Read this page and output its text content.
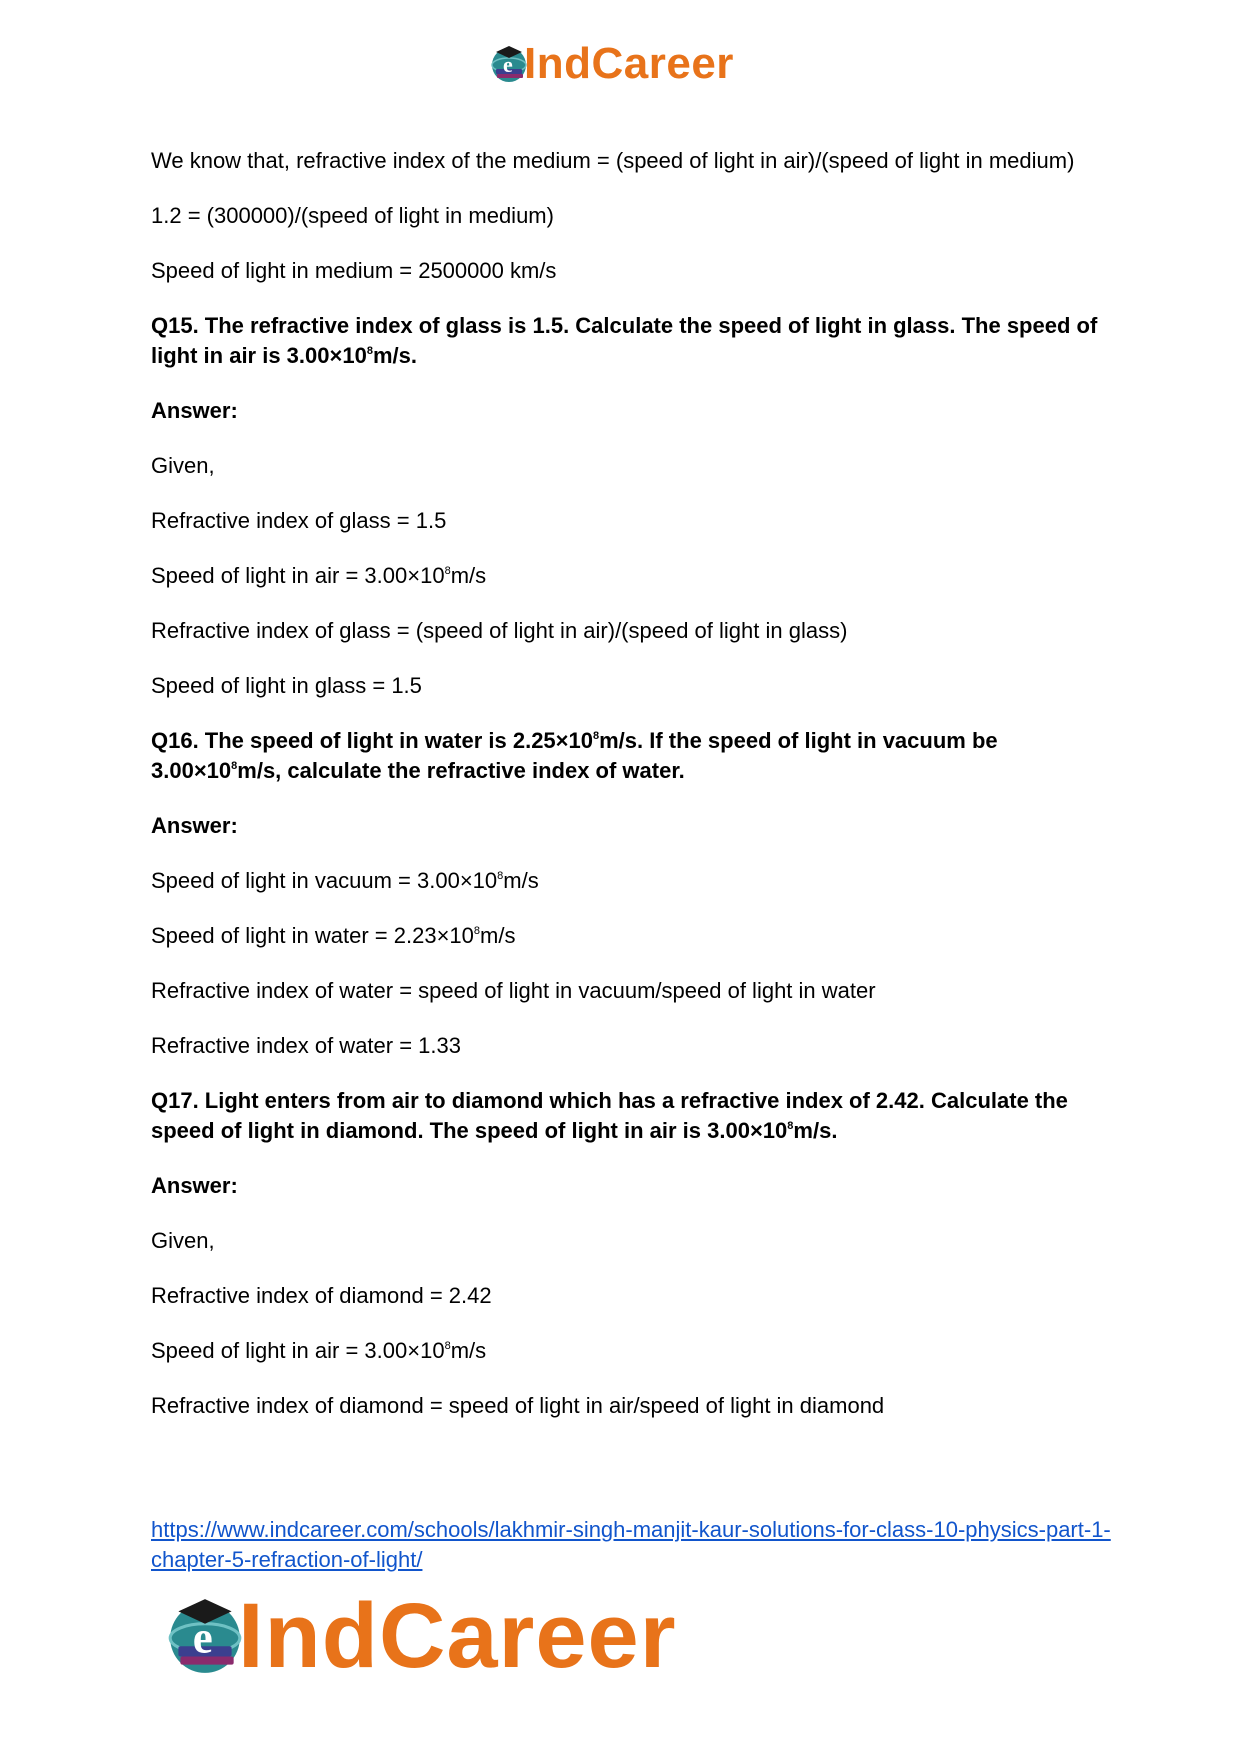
e IndCareer

We know that, refractive index of the medium = (speed of light in air)/(speed of light in medium)

1.2 = (300000)/(speed of light in medium)

Speed of light in medium = 2500000 km/s

Q15. The refractive index of glass is 1.5. Calculate the speed of light in glass. The speed of light in air is $3.00\times 10^8m/s$.

Answer:

Given,

Refractive index of glass = 1.5

Speed of light in air = $3.00\times 10^8m/s$

Refractive index of glass = (speed of light in air)/(speed of light in glass)

Speed of light in glass = 1.5

Q16. The speed of light in water is $2.25\times 10^8m/s$. If the speed of light in vacuum be $3.00\times 10^8m/s$, calculate the refractive index of water.

Answer:

Speed of light in vacuum = $3.00\times 10^8m/s$

Speed of light in water = $2.23\times 10^8m/s$

Refractive index of water = speed of light in vacuum/speed of light in water

Refractive index of water = 1.33

Q17. Light enters from air to diamond which has a refractive index of 2.42. Calculate the speed of light in diamond. The speed of light in air is $3.00\times 10^8m/s$.

Answer:

Given,

Refractive index of diamond = 2.42

Speed of light in air = $3.00\times 10^8m/s$

Refractive index of diamond = speed of light in air/speed of light in diamond

https://www.indcareer.com/schools/lakhmir-singh-manjit-kaur-solutions-for-class-10-physics-part-1-chapter-5-refraction-of-light/
e IndCareer
